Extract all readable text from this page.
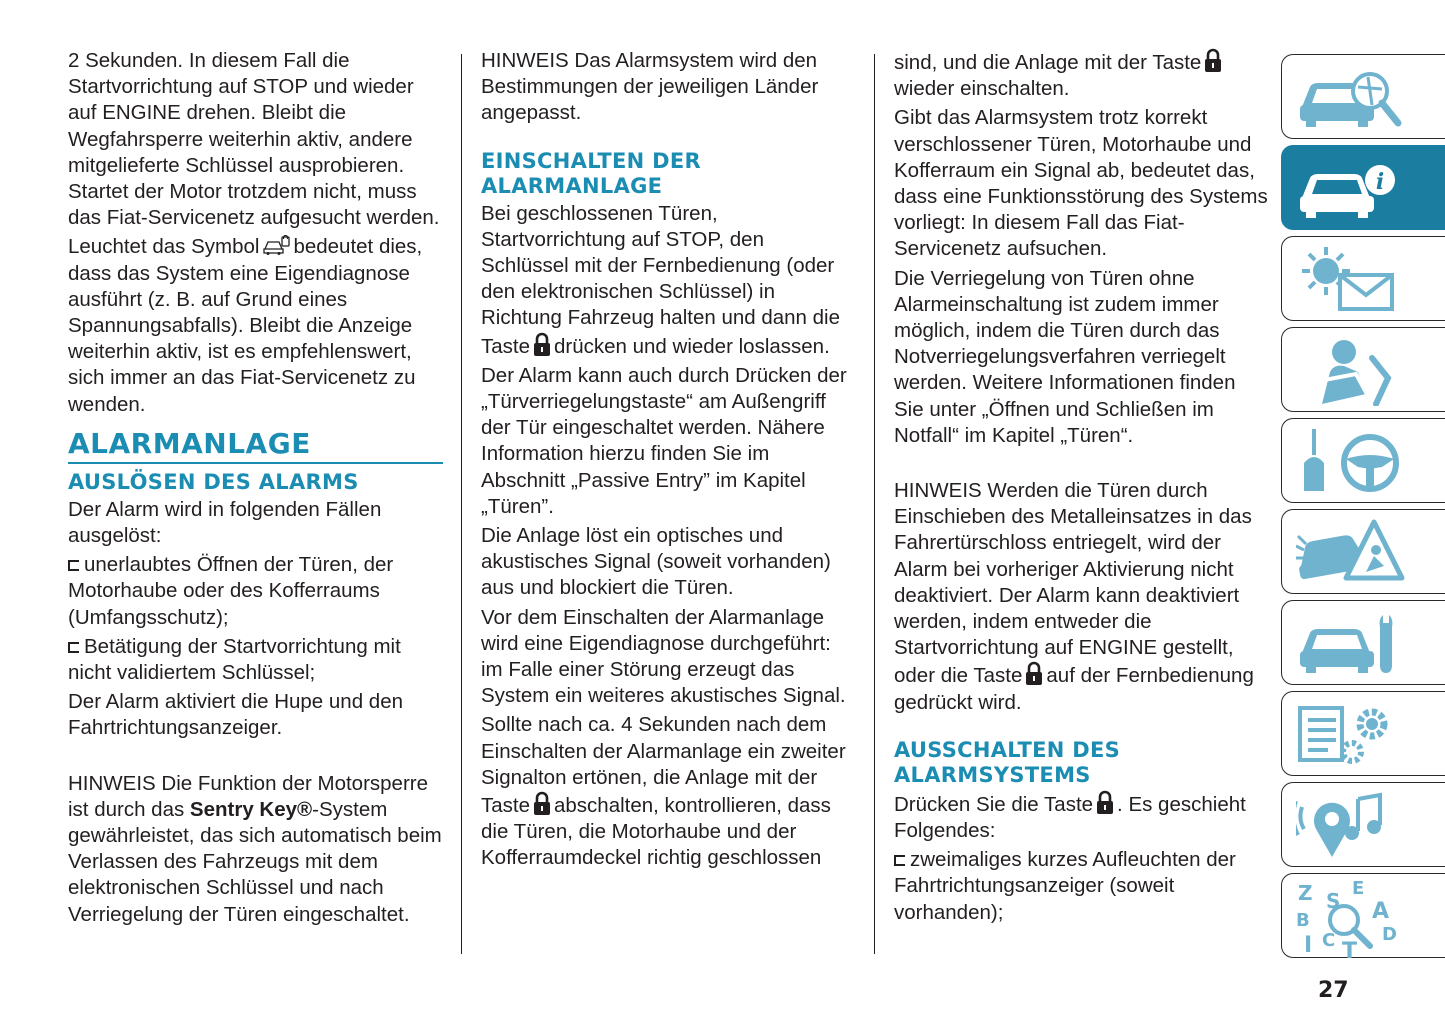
2 Sekunden. In diesem Fall die Startvorrichtung auf STOP und wieder auf ENGINE drehen. Bleibt die Wegfahrsperre weiterhin aktiv, andere mitgelieferte Schlüssel ausprobieren. Startet der Motor trotzdem nicht, muss das Fiat-Servicenetz aufgesucht werden.

Leuchtet das Symbol bedeutet dies, dass das System eine Eigendiagnose ausführt (z. B. auf Grund eines Spannungsabfalls). Bleibt die Anzeige weiterhin aktiv, ist es empfehlenswert, sich immer an das Fiat-Servicenetz zu wenden.

ALARMANLAGE
AUSLÖSEN DES ALARMS

Der Alarm wird in folgenden Fällen ausgelöst:

unerlaubtes Öffnen der Türen, der Motorhaube oder des Kofferraums (Umfangsschutz);

Betätigung der Startvorrichtung mit nicht validiertem Schlüssel;

Der Alarm aktiviert die Hupe und den Fahrtrichtungsanzeiger.

HINWEIS Die Funktion der Motorsperre ist durch das Sentry Key®-System gewährleistet, das sich automatisch beim Verlassen des Fahrzeugs mit dem elektronischen Schlüssel und nach Verriegelung der Türen eingeschaltet.

HINWEIS Das Alarmsystem wird den Bestimmungen der jeweiligen Länder angepasst.

EINSCHALTEN DER ALARMANLAGE

Bei geschlossenen Türen, Startvorrichtung auf STOP, den Schlüssel mit der Fernbedienung (oder den elektronischen Schlüssel) in Richtung Fahrzeug halten und dann die Taste drücken und wieder loslassen.

Der Alarm kann auch durch Drücken der „Türverriegelungstaste“ am Außengriff der Tür eingeschaltet werden. Nähere Information hierzu finden Sie im Abschnitt „Passive Entry” im Kapitel „Türen”.

Die Anlage löst ein optisches und akustisches Signal (soweit vorhanden) aus und blockiert die Türen.

Vor dem Einschalten der Alarmanlage wird eine Eigendiagnose durchgeführt: im Falle einer Störung erzeugt das System ein weiteres akustisches Signal.

Sollte nach ca. 4 Sekunden nach dem Einschalten der Alarmanlage ein zweiter Signalton ertönen, die Anlage mit der Taste abschalten, kontrollieren, dass die Türen, die Motorhaube und der Kofferraumdeckel richtig geschlossen

sind, und die Anlage mit der Tastewieder einschalten.

Gibt das Alarmsystem trotz korrekt verschlossener Türen, Motorhaube und Kofferraum ein Signal ab, bedeutet das, dass eine Funktionsstörung des Systems vorliegt: In diesem Fall das Fiat-Servicenetz aufsuchen.

Die Verriegelung von Türen ohne Alarmeinschaltung ist zudem immer möglich, indem die Türen durch das Notverriegelungsverfahren verriegelt werden. Weitere Informationen finden Sie unter „Öffnen und Schließen im Notfall“ im Kapitel „Türen“.

HINWEIS Werden die Türen durch Einschieben des Metalleinsatzes in das Fahrertürschloss entriegelt, wird der Alarm bei vorheriger Aktivierung nicht deaktiviert. Der Alarm kann deaktiviert werden, indem entweder die Startvorrichtung auf ENGINE gestellt, oder die Taste auf der Fernbedienung gedrückt wird.

AUSSCHALTEN DES ALARMSYSTEMS

Drücken Sie die Taste . Es geschieht Folgendes:

zweimaliges kurzes Aufleuchten der Fahrtrichtungsanzeiger (soweit vorhanden);

i
Z E
S A
B
D
I C T
27
